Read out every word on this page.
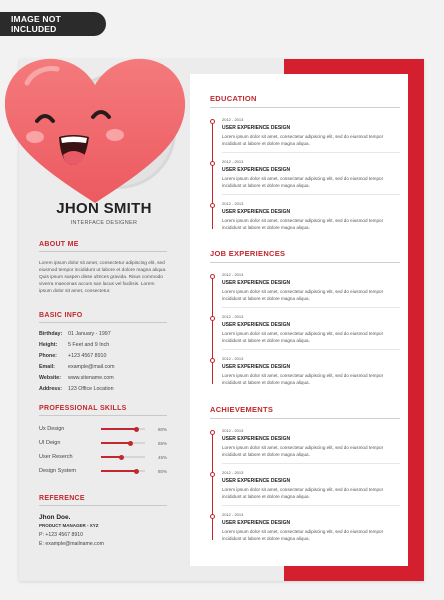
IMAGE NOT INCLUDED
JHON SMITH
INTERFACE DESIGNER
ABOUT ME
Lorem ipsum dolor sit amet, consectetur adipiscing elit, sed eiusmod tempor incididunt ut labore et dolore magna aliqua. Quis ipsum suspen disse ultrices gravida. Risus commodo viverra maecenas accum san lacus vel facilisis. Lorem ipsum dolor sit amet, consectetur.
BASIC INFO
Birthday:	01 January - 1997
Height:	5 Feet and 9 Inch
Phone:	+123 4567 8910
Email:	example@mail.com
Website:	www.sitename.com
Address:	123 Office Location
PROFESSIONAL SKILLS
Ux Design	80%
UI Deign	65%
User Reserch	45%
Design System	80%
REFERENCE
Jhon Doe.
PRODUCT MANAGER - XYZ
P: +123 4567 8910
E: example@mailname.com
EDUCATION
2012 - 2013
USER EXPERIENCE DESIGN
Lorem ipsum dolor sit amet, consectetur adipiscing elit, sed do eiusmod tempor incididunt ut labore et dolore magna aliqua.
2012 - 2013
USER EXPERIENCE DESIGN
Lorem ipsum dolor sit amet, consectetur adipiscing elit, sed do eiusmod tempor incididunt ut labore et dolore magna aliqua.
2012 - 2013
USER EXPERIENCE DESIGN
Lorem ipsum dolor sit amet, consectetur adipiscing elit, sed do eiusmod tempor incididunt ut labore et dolore magna aliqua.
JOB EXPERIENCES
2012 - 2013
USER EXPERIENCE DESIGN
Lorem ipsum dolor sit amet, consectetur adipiscing elit, sed do eiusmod tempor incididunt ut labore et dolore magna aliqua.
2012 - 2013
USER EXPERIENCE DESIGN
Lorem ipsum dolor sit amet, consectetur adipiscing elit, sed do eiusmod tempor incididunt ut labore et dolore magna aliqua.
2012 - 2013
USER EXPERIENCE DESIGN
Lorem ipsum dolor sit amet, consectetur adipiscing elit, sed do eiusmod tempor incididunt ut labore et dolore magna aliqua.
ACHIEVEMENTS
2012 - 2013
USER EXPERIENCE DESIGN
Lorem ipsum dolor sit amet, consectetur adipiscing elit, sed do eiusmod tempor incididunt ut labore et dolore magna aliqua.
2012 - 2013
USER EXPERIENCE DESIGN
Lorem ipsum dolor sit amet, consectetur adipiscing elit, sed do eiusmod tempor incididunt ut labore et dolore magna aliqua.
2012 - 2013
USER EXPERIENCE DESIGN
Lorem ipsum dolor sit amet, consectetur adipiscing elit, sed do eiusmod tempor incididunt ut labore et dolore magna aliqua.
